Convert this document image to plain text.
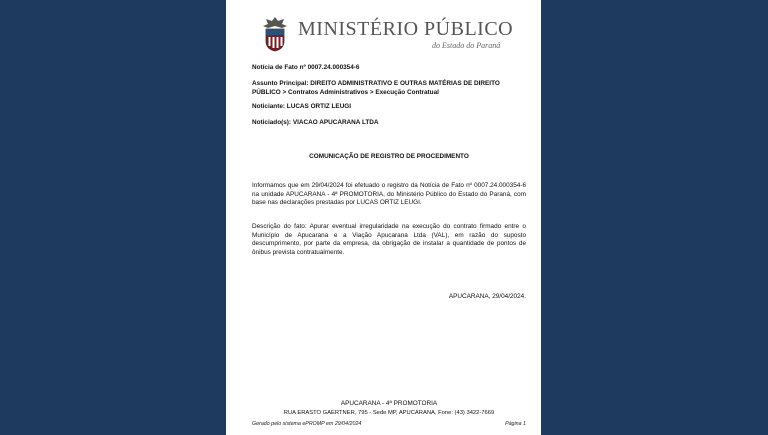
MINISTÉRIO PÚBLICO
do Estado do Paraná

Notícia de Fato nº 0007.24.000354-6

Assunto Principal: DIREITO ADMINISTRATIVO E OUTRAS MATÉRIAS DE DIREITO PÚBLICO > Contratos Administrativos > Execução Contratual

Noticiante: LUCAS ORTIZ LEUGI

Noticiado(s): VIACAO APUCARANA LTDA

COMUNICAÇÃO DE REGISTRO DE PROCEDIMENTO

Informamos que em 29/04/2024 foi efetuado o registro da Notícia de Fato nº 0007.24.000354-6 na unidade APUCARANA - 4ª PROMOTORIA, do Ministério Público do Estado do Paraná, com base nas declarações prestadas por LUCAS ORTIZ LEUGI.

Descrição do fato: Apurar eventual irregularidade na execução do contrato firmado entre o Município de Apucarana e a Viação Apucarana Ltda (VAL), em razão do suposto descumprimento, por parte da empresa, da obrigação de instalar a quantidade de pontos de ônibus prevista contratualmente.

APUCARANA, 29/04/2024.

APUCARANA - 4ª PROMOTORIA

RUA ERASTO GAERTNER, 795 - Sede MP, APUCARANA, Fone: (43) 3422-7669

Gerado pelo sistema ePROMP em 29/04/2024	Página 1
